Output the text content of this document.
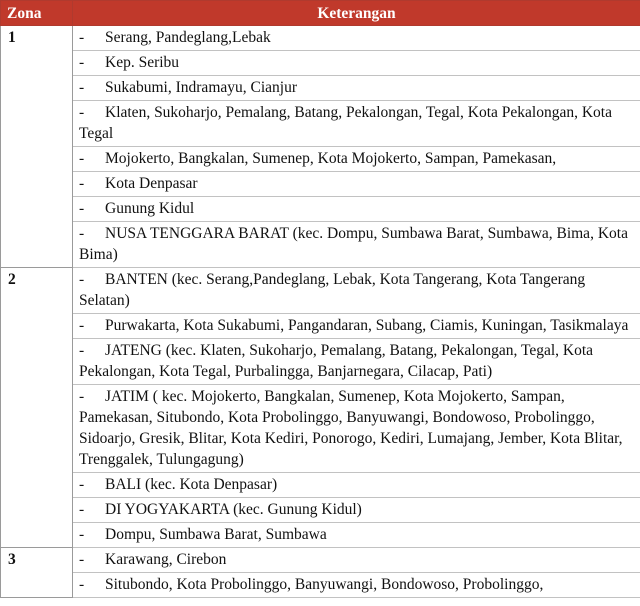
Zona	Keterangan
1	- Serang, Pandeglang,Lebak
	- Kep. Seribu
	- Sukabumi, Indramayu, Cianjur
	- Klaten, Sukoharjo, Pemalang, Batang, Pekalongan, Tegal, Kota Pekalongan, Kota Tegal
	- Mojokerto, Bangkalan, Sumenep, Kota Mojokerto, Sampan, Pamekasan,
	- Kota Denpasar
	- Gunung Kidul
	- NUSA TENGGARA BARAT (kec. Dompu, Sumbawa Barat, Sumbawa, Bima, Kota Bima)
2	- BANTEN (kec. Serang,Pandeglang, Lebak, Kota Tangerang, Kota Tangerang Selatan)
	- Purwakarta, Kota Sukabumi, Pangandaran, Subang, Ciamis, Kuningan, Tasikmalaya
	- JATENG (kec. Klaten, Sukoharjo, Pemalang, Batang, Pekalongan, Tegal, Kota Pekalongan, Kota Tegal, Purbalingga, Banjarnegara, Cilacap, Pati)
	- JATIM ( kec. Mojokerto, Bangkalan, Sumenep, Kota Mojokerto, Sampan, Pamekasan, Situbondo, Kota Probolinggo, Banyuwangi, Bondowoso, Probolinggo, Sidoarjo, Gresik, Blitar, Kota Kediri, Ponorogo, Kediri, Lumajang, Jember, Kota Blitar, Trenggalek, Tulungagung)
	- BALI (kec. Kota Denpasar)
	- DI YOGYAKARTA (kec. Gunung Kidul)
	- Dompu, Sumbawa Barat, Sumbawa
3	- Karawang, Cirebon
	- Situbondo, Kota Probolinggo, Banyuwangi, Bondowoso, Probolinggo,
